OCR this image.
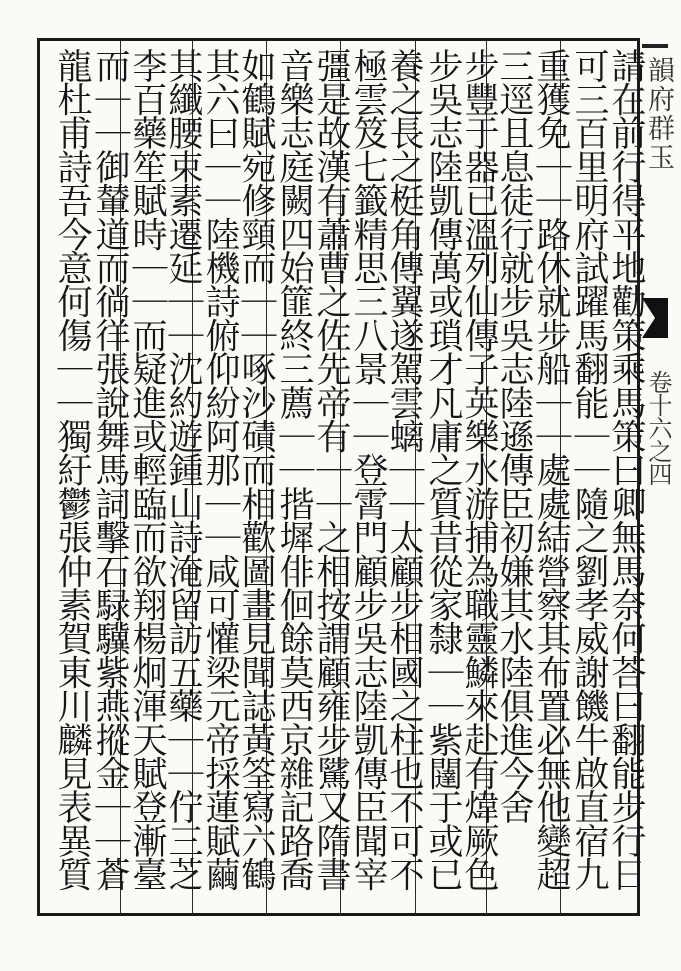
韻府群玉
卷十六之四
請在前行得平地勸策乘馬策曰卿無馬奈何荅曰翻能步行日
可三百里明府試躍馬翻能｜｜隨之劉孝威謝饑牛啟直宿九
重獲免｜｜路休就步船｜｜處處結營察其布置必無他變超
三逕且息徒行就步吳志陸遜傳臣初嫌其水陸俱進今舍
步豐于器已溫列仙傳子英樂水游捕為職靈鱗來赴有煒厥色
步吳志陸凱傳萬或瑣才凡庸之質昔從家隸｜｜紫闥于或已
養之長之梃角傳翼遂駕雲螭｜｜太顧步相國之柱也不可不
極雲笈七籤精思三八景｜｜登霄門顧步吳志陸凱傳臣聞宰
彊是故漢有蕭曹之佐先帝有｜｜之相按謂顧雍步騭又隋書
音樂志庭闕四始篚終三薦｜｜揩墀俳佪餘莫西京雜記路喬
如鶴賦宛修頸而｜｜啄沙磧而相歡圖畫見聞誌黃筌寫六鶴
其六曰｜｜陸機詩俯仰紛阿那｜｜咸可懽梁元帝採蓮賦繭
其纖腰束素遷延｜｜沈約遊鍾山詩淹留訪五藥｜｜佇三芝
李百藥笙賦時｜｜而疑進或輕臨而欲翔楊炯渾天賦登漸臺
而｜｜御輦道而徜徉張說舞馬詞擊石騄驥紫燕摐金｜｜蒼
龍杜甫詩吾今意何傷｜｜獨紆鬱張仲素賀東川麟見表異質
